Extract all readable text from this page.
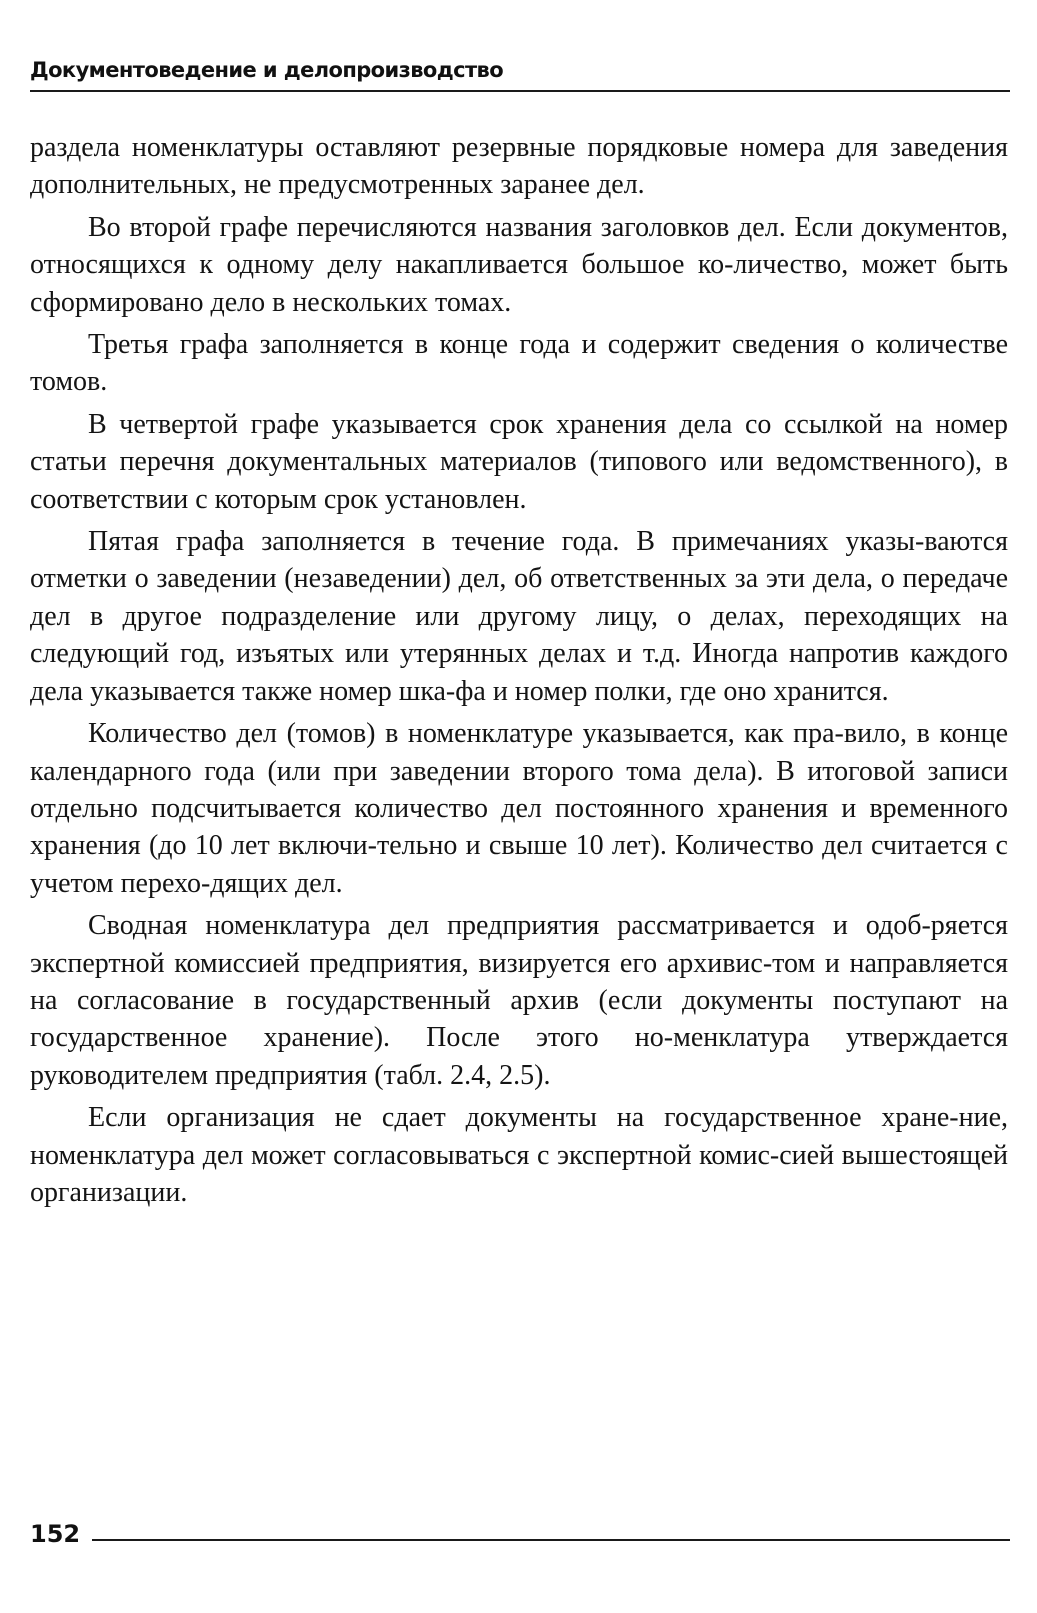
Документоведение и делопроизводство

раздела номенклатуры оставляют резервные порядковые номера для заведения дополнительных, не предусмотренных заранее дел.

Во второй графе перечисляются названия заголовков дел. Если документов, относящихся к одному делу накапливается большое ко-личество, может быть сформировано дело в нескольких томах.

Третья графа заполняется в конце года и содержит сведения о количестве томов.

В четвертой графе указывается срок хранения дела со ссылкой на номер статьи перечня документальных материалов (типового или ведомственного), в соответствии с которым срок установлен.

Пятая графа заполняется в течение года. В примечаниях указы-ваются отметки о заведении (незаведении) дел, об ответственных за эти дела, о передаче дел в другое подразделение или другому лицу, о делах, переходящих на следующий год, изъятых или утерянных делах и т.д. Иногда напротив каждого дела указывается также номер шка-фа и номер полки, где оно хранится.

Количество дел (томов) в номенклатуре указывается, как пра-вило, в конце календарного года (или при заведении второго тома дела). В итоговой записи отдельно подсчитывается количество дел постоянного хранения и временного хранения (до 10 лет включи-тельно и свыше 10 лет). Количество дел считается с учетом перехо-дящих дел.

Сводная номенклатура дел предприятия рассматривается и одоб-ряется экспертной комиссией предприятия, визируется его архивис-том и направляется на согласование в государственный архив (если документы поступают на государственное хранение). После этого но-менклатура утверждается руководителем предприятия (табл. 2.4, 2.5).

Если организация не сдает документы на государственное хране-ние, номенклатура дел может согласовываться с экспертной комис-сией вышестоящей организации.

152
